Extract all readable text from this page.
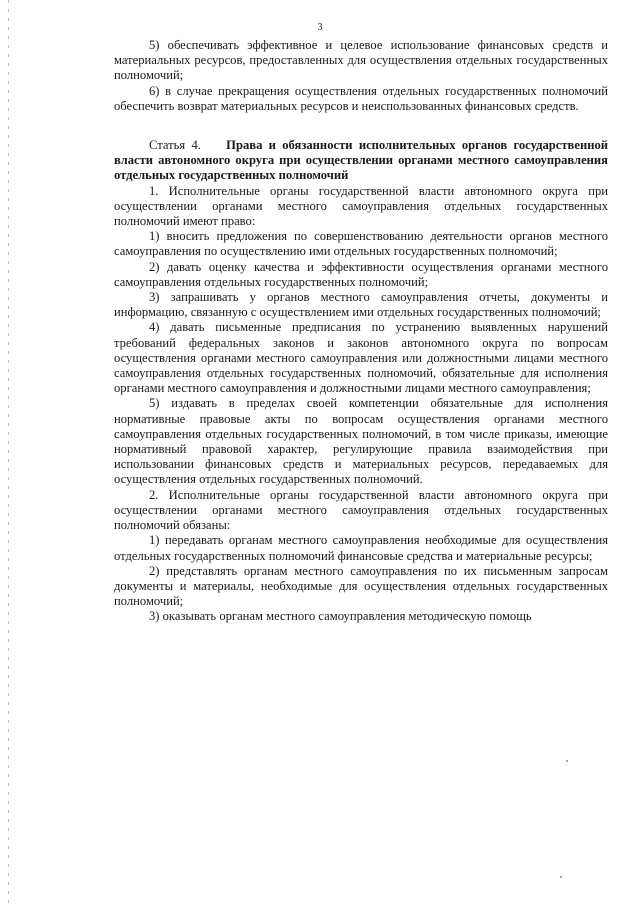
3

5) обеспечивать эффективное и целевое использование финансовых средств и материальных ресурсов, предоставленных для осуществления отдельных государственных полномочий;

6) в случае прекращения осуществления отдельных государственных полномочий обеспечить возврат материальных ресурсов и неиспользованных финансовых средств.

Статья 4. Права и обязанности исполнительных органов государственной власти автономного округа при осуществлении органами местного самоуправления отдельных государственных полномочий

1. Исполнительные органы государственной власти автономного округа при осуществлении органами местного самоуправления отдельных государственных полномочий имеют право:

1) вносить предложения по совершенствованию деятельности органов местного самоуправления по осуществлению ими отдельных государственных полномочий;

2) давать оценку качества и эффективности осуществления органами местного самоуправления отдельных государственных полномочий;

3) запрашивать у органов местного самоуправления отчеты, документы и информацию, связанную с осуществлением ими отдельных государственных полномочий;

4) давать письменные предписания по устранению выявленных нарушений требований федеральных законов и законов автономного округа по вопросам осуществления органами местного самоуправления или должностными лицами местного самоуправления отдельных государственных полномочий, обязательные для исполнения органами местного самоуправления и должностными лицами местного самоуправления;

5) издавать в пределах своей компетенции обязательные для исполнения нормативные правовые акты по вопросам осуществления органами местного самоуправления отдельных государственных полномочий, в том числе приказы, имеющие нормативный правовой характер, регулирующие правила взаимодействия при использовании финансовых средств и материальных ресурсов, передаваемых для осуществления отдельных государственных полномочий.

2. Исполнительные органы государственной власти автономного округа при осуществлении органами местного самоуправления отдельных государственных полномочий обязаны:

1) передавать органам местного самоуправления необходимые для осуществления отдельных государственных полномочий финансовые средства и материальные ресурсы;

2) представлять органам местного самоуправления по их письменным запросам документы и материалы, необходимые для осуществления отдельных государственных полномочий;

3) оказывать органам местного самоуправления методическую помощь
